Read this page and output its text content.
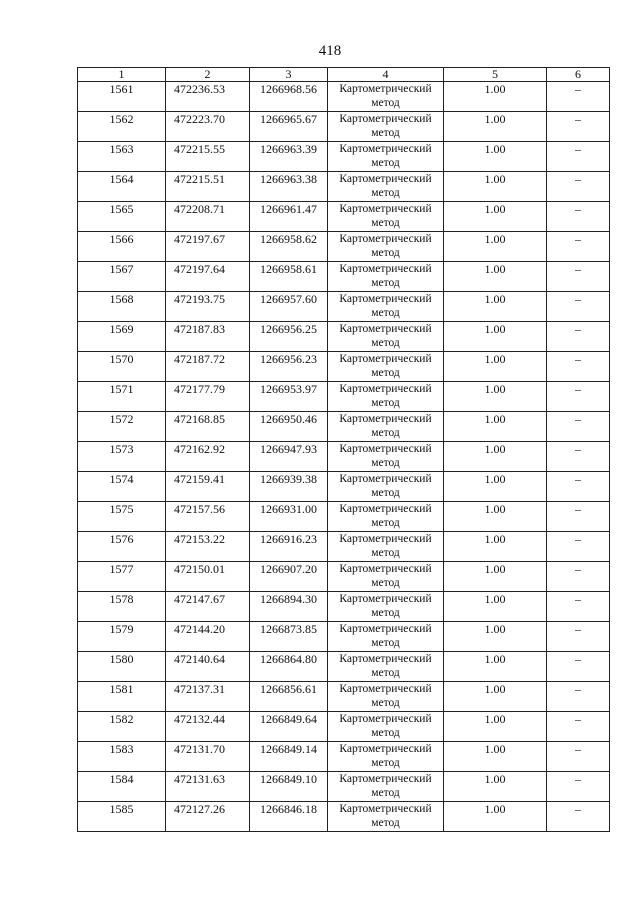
418
1	2	3	4	5	6
1561	472236.53	1266968.56	Картометрический метод	1.00	–
1562	472223.70	1266965.67	Картометрический метод	1.00	–
1563	472215.55	1266963.39	Картометрический метод	1.00	–
1564	472215.51	1266963.38	Картометрический метод	1.00	–
1565	472208.71	1266961.47	Картометрический метод	1.00	–
1566	472197.67	1266958.62	Картометрический метод	1.00	–
1567	472197.64	1266958.61	Картометрический метод	1.00	–
1568	472193.75	1266957.60	Картометрический метод	1.00	–
1569	472187.83	1266956.25	Картометрический метод	1.00	–
1570	472187.72	1266956.23	Картометрический метод	1.00	–
1571	472177.79	1266953.97	Картометрический метод	1.00	–
1572	472168.85	1266950.46	Картометрический метод	1.00	–
1573	472162.92	1266947.93	Картометрический метод	1.00	–
1574	472159.41	1266939.38	Картометрический метод	1.00	–
1575	472157.56	1266931.00	Картометрический метод	1.00	–
1576	472153.22	1266916.23	Картометрический метод	1.00	–
1577	472150.01	1266907.20	Картометрический метод	1.00	–
1578	472147.67	1266894.30	Картометрический метод	1.00	–
1579	472144.20	1266873.85	Картометрический метод	1.00	–
1580	472140.64	1266864.80	Картометрический метод	1.00	–
1581	472137.31	1266856.61	Картометрический метод	1.00	–
1582	472132.44	1266849.64	Картометрический метод	1.00	–
1583	472131.70	1266849.14	Картометрический метод	1.00	–
1584	472131.63	1266849.10	Картометрический метод	1.00	–
1585	472127.26	1266846.18	Картометрический метод	1.00	–
